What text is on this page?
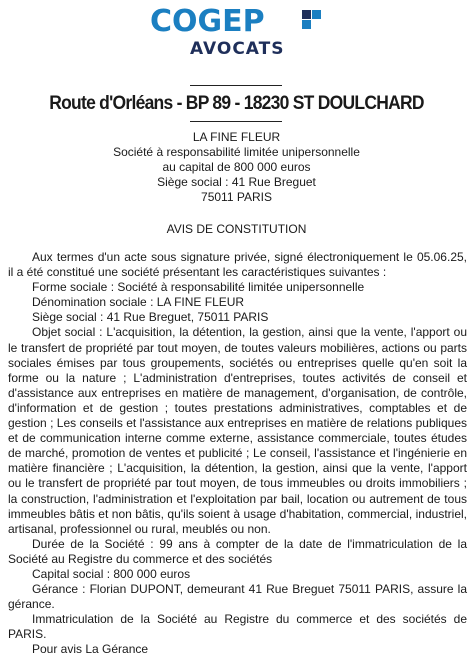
COGEP
AVOCATS
Route d'Orléans - BP 89 - 18230 ST DOULCHARD
LA FINE FLEUR
Société à responsabilité limitée unipersonnelle
au capital de 800 000 euros
Siège social : 41 Rue Breguet
75011 PARIS
AVIS DE CONSTITUTION

Aux termes d'un acte sous signature privée, signé électroniquement le 05.06.25, il a été constitué une société présentant les caractéristiques suivantes :

Forme sociale : Société à responsabilité limitée unipersonnelle

Dénomination sociale : LA FINE FLEUR

Siège social : 41 Rue Breguet, 75011 PARIS

Objet social : L'acquisition, la détention, la gestion, ainsi que la vente, l'apport ou le transfert de propriété par tout moyen, de toutes valeurs mobilières, actions ou parts sociales émises par tous groupements, sociétés ou entreprises quelle qu'en soit la forme ou la nature ; L'administration d'entreprises, toutes activités de conseil et d'assistance aux entreprises en matière de management, d'organisation, de contrôle, d'information et de gestion ; toutes prestations administratives, comptables et de gestion ; Les conseils et l'assistance aux entreprises en matière de relations publiques et de communication interne comme externe, assistance commerciale, toutes études de marché, promotion de ventes et publicité ; Le conseil, l'assistance et l'ingénierie en matière financière ; L'acquisition, la détention, la gestion, ainsi que la vente, l'apport ou le transfert de propriété par tout moyen, de tous immeubles ou droits immobiliers ; la construction, l'administration et l'exploitation par bail, location ou autrement de tous immeubles bâtis et non bâtis, qu'ils soient à usage d'habitation, commercial, industriel, artisanal, professionnel ou rural, meublés ou non.

Durée de la Société : 99 ans à compter de la date de l'immatriculation de la Société au Registre du commerce et des sociétés

Capital social : 800 000 euros

Gérance : Florian DUPONT, demeurant 41 Rue Breguet 75011 PARIS, assure la gérance.

Immatriculation de la Société au Registre du commerce et des sociétés de PARIS.

Pour avis La Gérance
